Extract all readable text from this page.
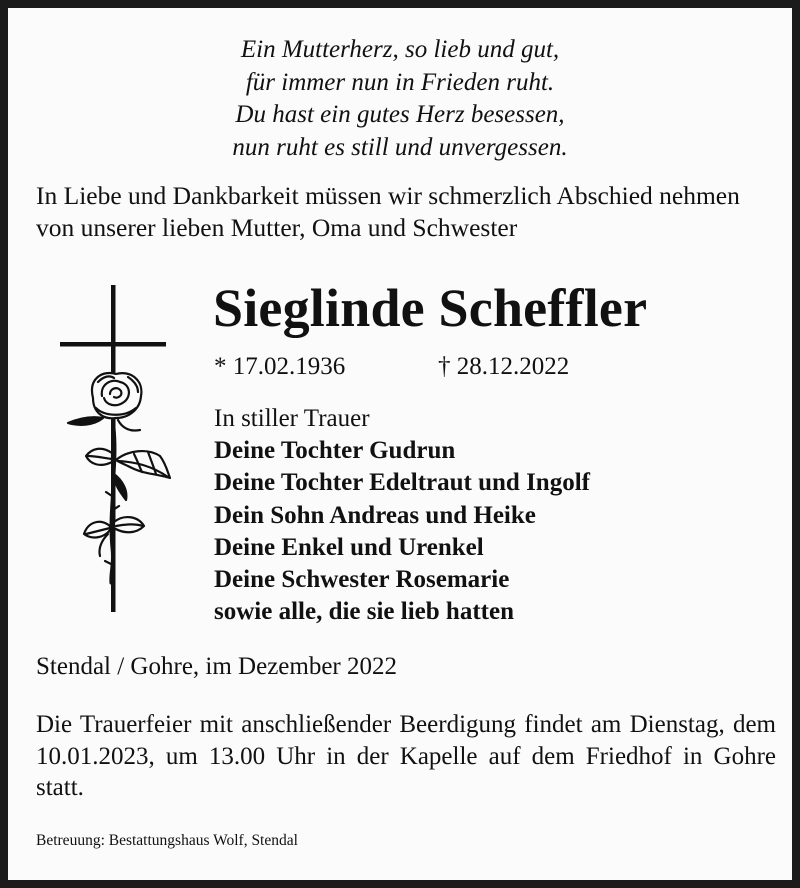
Ein Mutterherz, so lieb und gut,
für immer nun in Frieden ruht.
Du hast ein gutes Herz besessen,
nun ruht es still und unvergessen.

In Liebe und Dankbarkeit müssen wir schmerzlich Abschied nehmen von unserer lieben Mutter, Oma und Schwester

Sieglinde Scheffler
* 17.02.1936	† 28.12.2022
In stiller Trauer
Deine Tochter Gudrun
Deine Tochter Edeltraut und Ingolf
Dein Sohn Andreas und Heike
Deine Enkel und Urenkel
Deine Schwester Rosemarie
sowie alle, die sie lieb hatten
Stendal / Gohre, im Dezember 2022

Die Trauerfeier mit anschließender Beerdigung findet am Dienstag, dem 10.01.2023, um 13.00 Uhr in der Kapelle auf dem Friedhof in Gohre statt.

Betreuung: Bestattungshaus Wolf, Stendal
